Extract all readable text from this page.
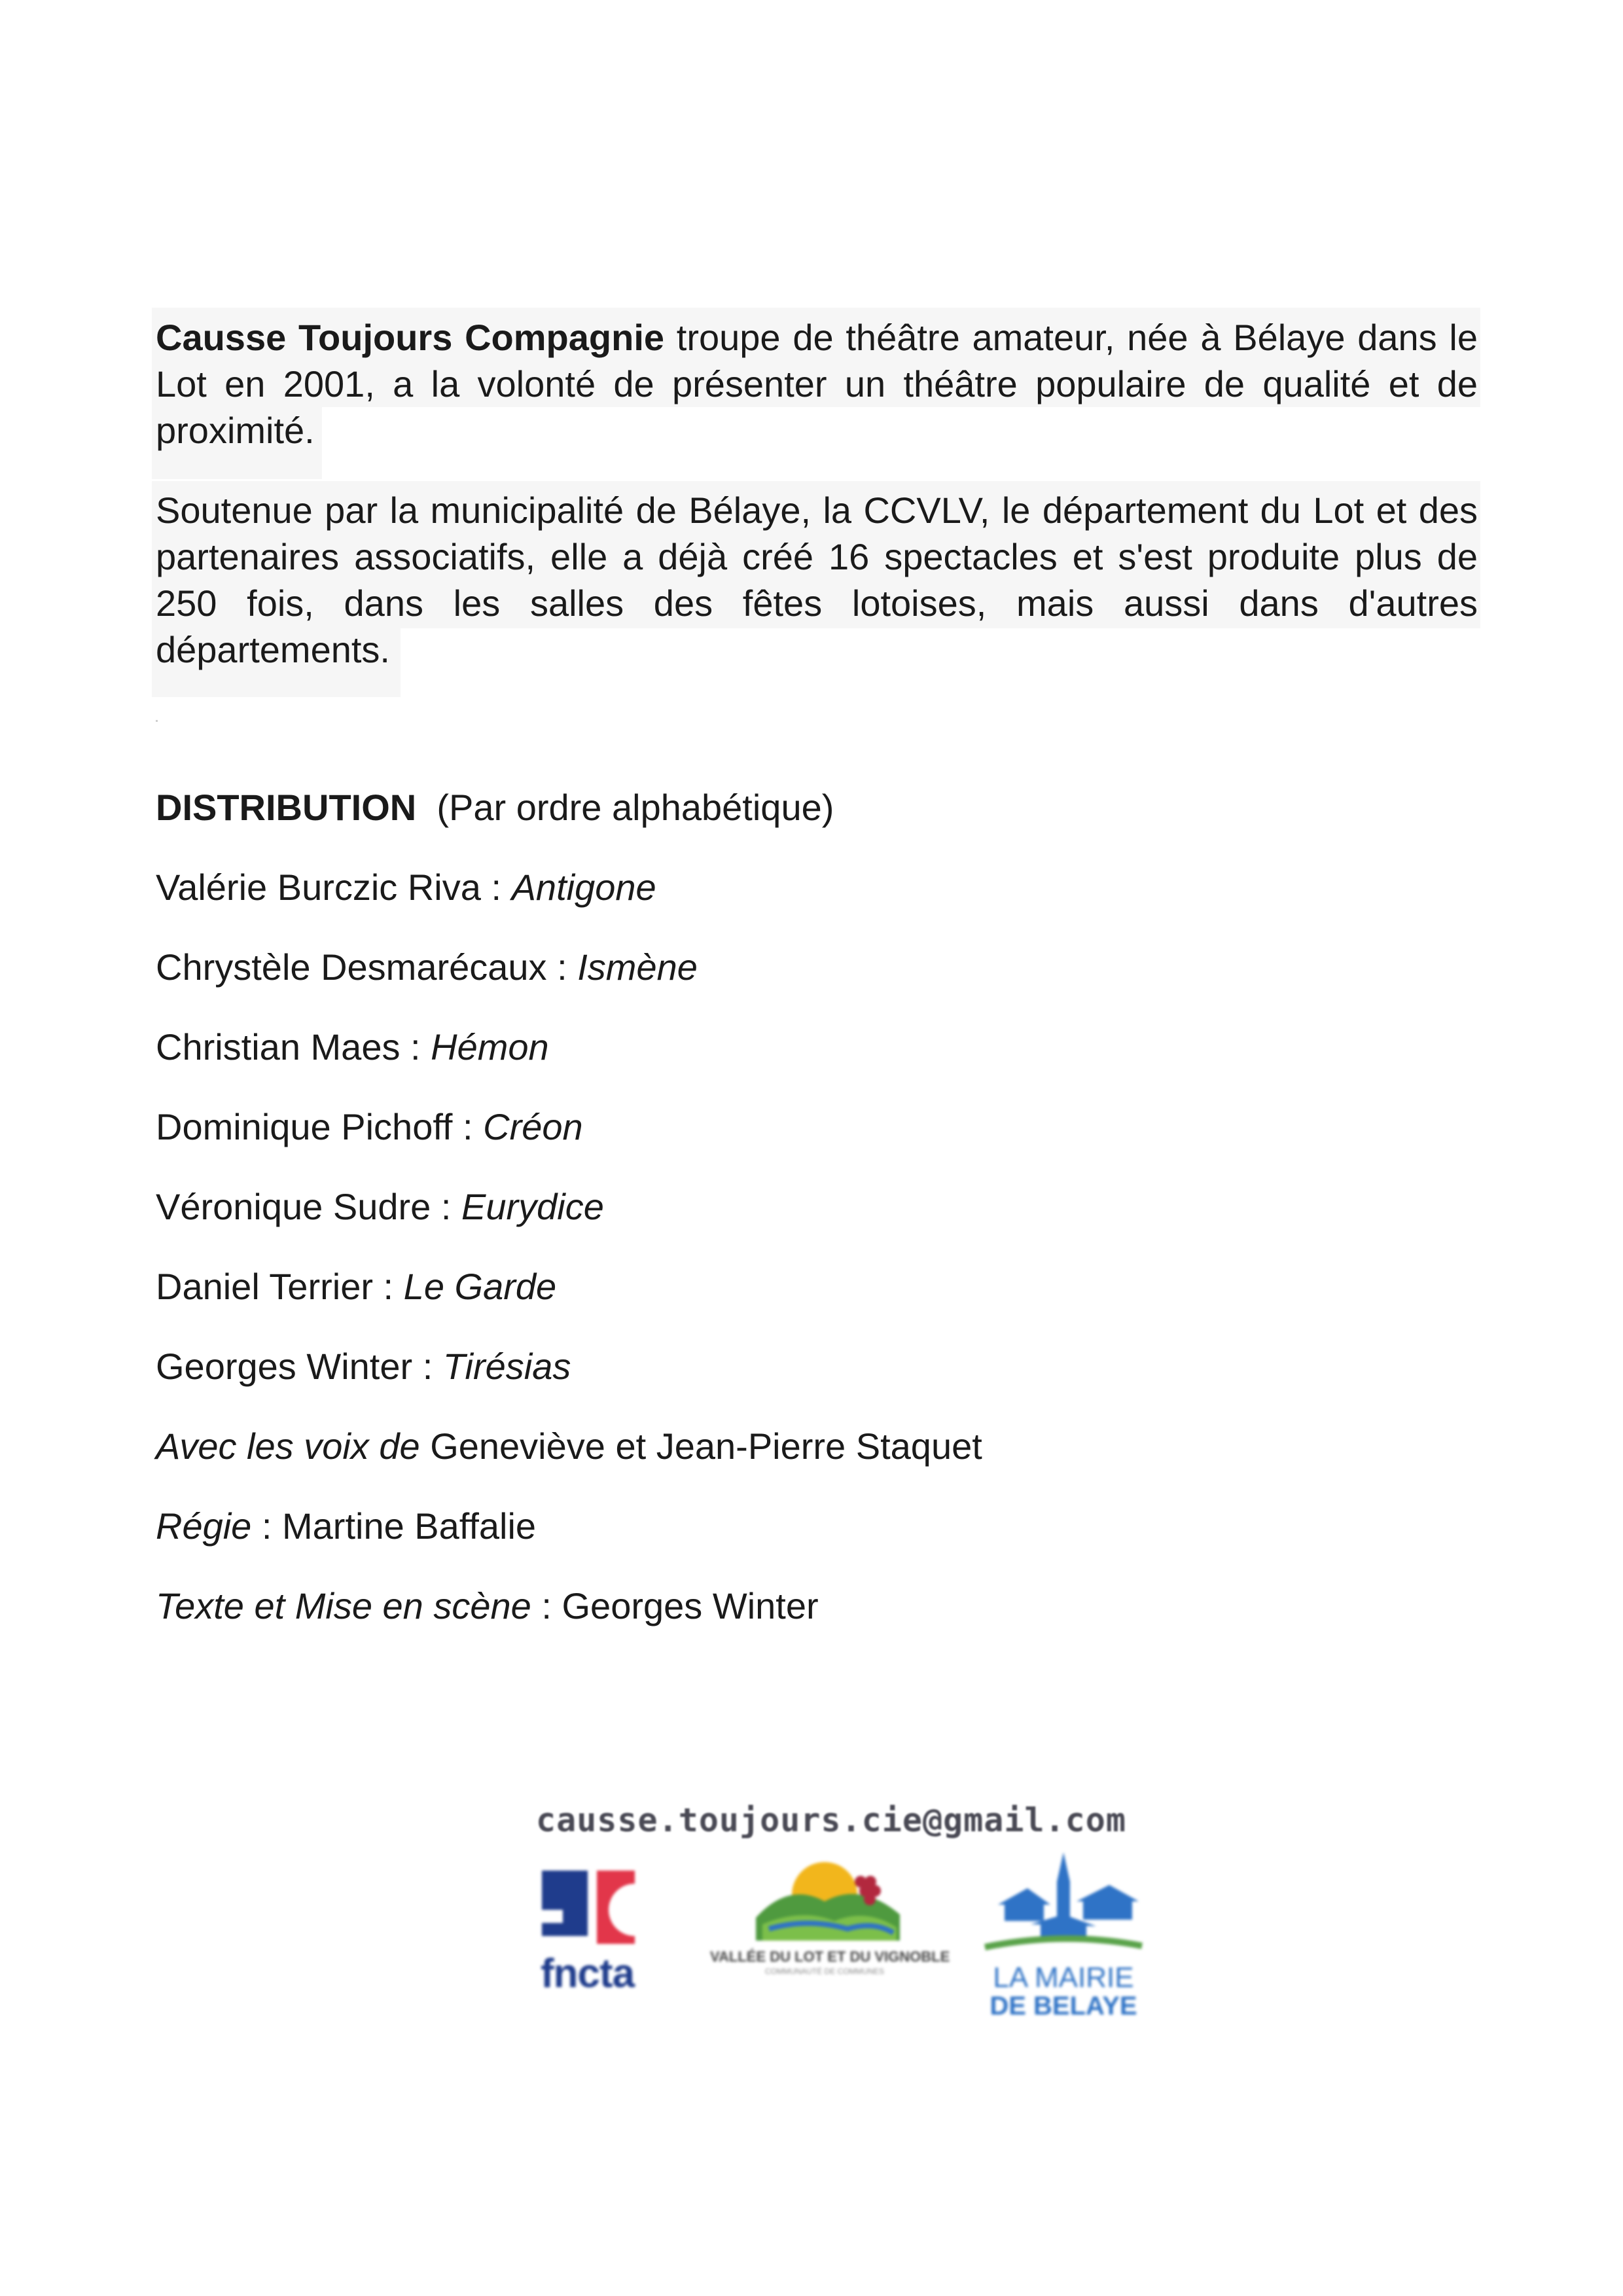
Causse Toujours Compagnie troupe de théâtre amateur, née à Bélaye dans le Lot en 2001, a la volonté de présenter un théâtre populaire de qualité et de proximité.

Soutenue par la municipalité de Bélaye, la CCVLV, le département du Lot et des partenaires associatifs, elle a déjà créé 16 spectacles et s'est produite plus de 250 fois, dans les salles des fêtes lotoises, mais aussi dans d'autres départements.

DISTRIBUTION (Par ordre alphabétique)

Valérie Burczic Riva : Antigone
Chrystèle Desmarécaux : Ismène
Christian Maes : Hémon
Dominique Pichoff : Créon
Véronique Sudre : Eurydice
Daniel Terrier : Le Garde
Georges Winter : Tirésias
Avec les voix de Geneviève et Jean-Pierre Staquet
Régie : Martine Baffalie
Texte et Mise en scène : Georges Winter
causse.toujours.cie@gmail.com
fncta	VALLÉE DU LOT ET DU VIGNOBLE
COMMUNAUTÉ DE COMMUNES	LA MAIRIE
DE BELAYE
